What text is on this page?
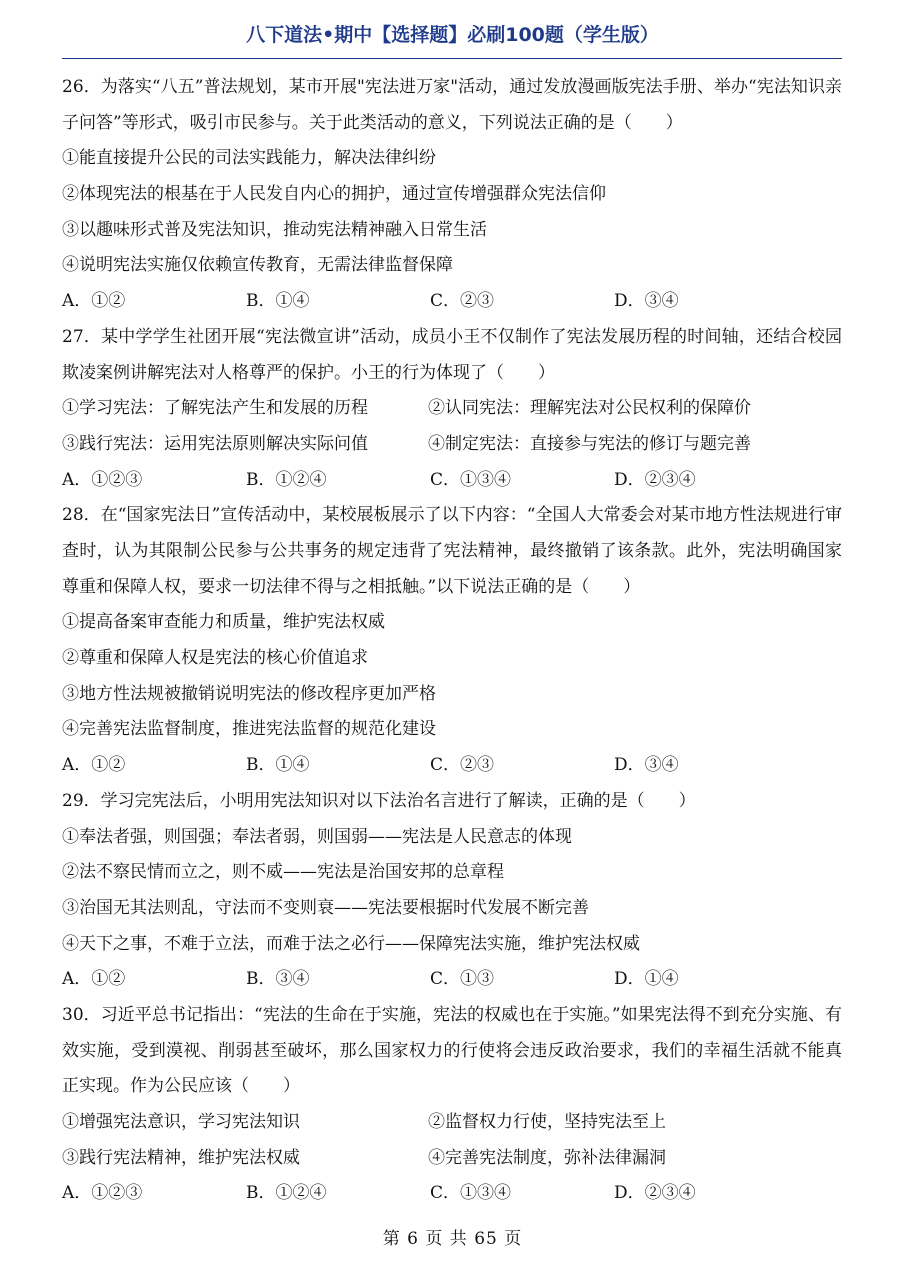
八下道法•期中【选择题】必刷100题（学生版）

26．为落实“八五”普法规划，某市开展"宪法进万家"活动，通过发放漫画版宪法手册、举办“宪法知识亲子问答”等形式，吸引市民参与。关于此类活动的意义，下列说法正确的是（　　）

①能直接提升公民的司法实践能力，解决法律纠纷

②体现宪法的根基在于人民发自内心的拥护，通过宣传增强群众宪法信仰

③以趣味形式普及宪法知识，推动宪法精神融入日常生活

④说明宪法实施仅依赖宣传教育，无需法律监督保障

A．①②	B．①④	C．②③	D．③④

27．某中学学生社团开展“宪法微宣讲”活动，成员小王不仅制作了宪法发展历程的时间轴，还结合校园欺凌案例讲解宪法对人格尊严的保护。小王的行为体现了（　　）

①学习宪法：了解宪法产生和发展的历程	②认同宪法：理解宪法对公民权利的保障价
③践行宪法：运用宪法原则解决实际问值	④制定宪法：直接参与宪法的修订与题完善
A．①②③	B．①②④	C．①③④	D．②③④

28．在“国家宪法日”宣传活动中，某校展板展示了以下内容：“全国人大常委会对某市地方性法规进行审查时，认为其限制公民参与公共事务的规定违背了宪法精神，最终撤销了该条款。此外，宪法明确国家尊重和保障人权，要求一切法律不得与之相抵触。”以下说法正确的是（　　）

①提高备案审查能力和质量，维护宪法权威

②尊重和保障人权是宪法的核心价值追求

③地方性法规被撤销说明宪法的修改程序更加严格

④完善宪法监督制度，推进宪法监督的规范化建设

A．①②	B．①④	C．②③	D．③④

29．学习完宪法后，小明用宪法知识对以下法治名言进行了解读，正确的是（　　）

①奉法者强，则国强；奉法者弱，则国弱——宪法是人民意志的体现

②法不察民情而立之，则不威——宪法是治国安邦的总章程

③治国无其法则乱，守法而不变则衰——宪法要根据时代发展不断完善

④天下之事，不难于立法，而难于法之必行——保障宪法实施，维护宪法权威

A．①②	B．③④	C．①③	D．①④

30．习近平总书记指出：“宪法的生命在于实施，宪法的权威也在于实施。”如果宪法得不到充分实施、有效实施，受到漠视、削弱甚至破坏，那么国家权力的行使将会违反政治要求，我们的幸福生活就不能真正实现。作为公民应该（　　）

①增强宪法意识，学习宪法知识	②监督权力行使，坚持宪法至上
③践行宪法精神，维护宪法权威	④完善宪法制度，弥补法律漏洞
A．①②③	B．①②④	C．①③④	D．②③④
第 6 页 共 65 页
